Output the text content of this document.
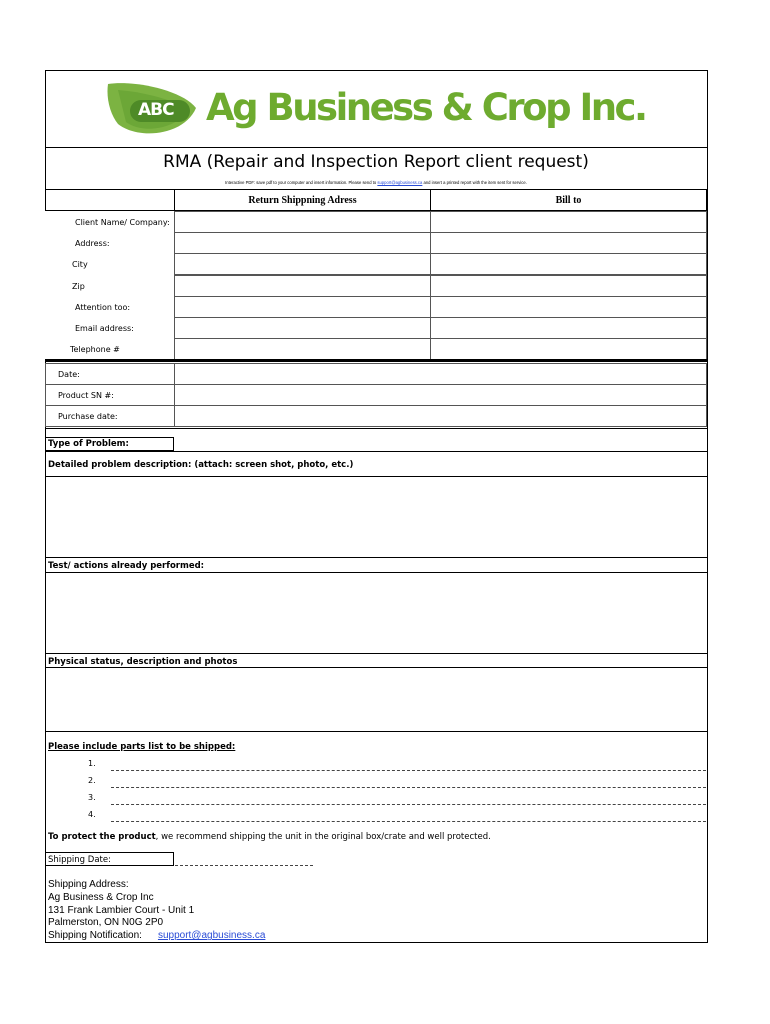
ABC Ag Business & Crop Inc.
RMA (Repair and Inspection Report client request)
Interactive PDF: save pdf to your computer and insert information. Please send to support@agbusiness.ca and insert a printed report with the item sent for service.
Return Shippning Adress	Bill to
Client Name/ Company:
Address:
City
Zip
Attention too:
Email address:
Telephone #
Date:
Product SN #:
Purchase date:
Type of Problem:
Detailed problem description: (attach: screen shot, photo, etc.)
Test/ actions already performed:
Physical status, description and photos
Please include parts list to be shipped:
1.
2.
3.
4.
To protect the product, we recommend shipping the unit in the original box/crate and well protected.
Shipping Date:
Shipping Address:
Ag Business & Crop Inc
131 Frank Lambier Court - Unit 1
Palmerston, ON N0G 2P0
Shipping Notification: support@agbusiness.ca
